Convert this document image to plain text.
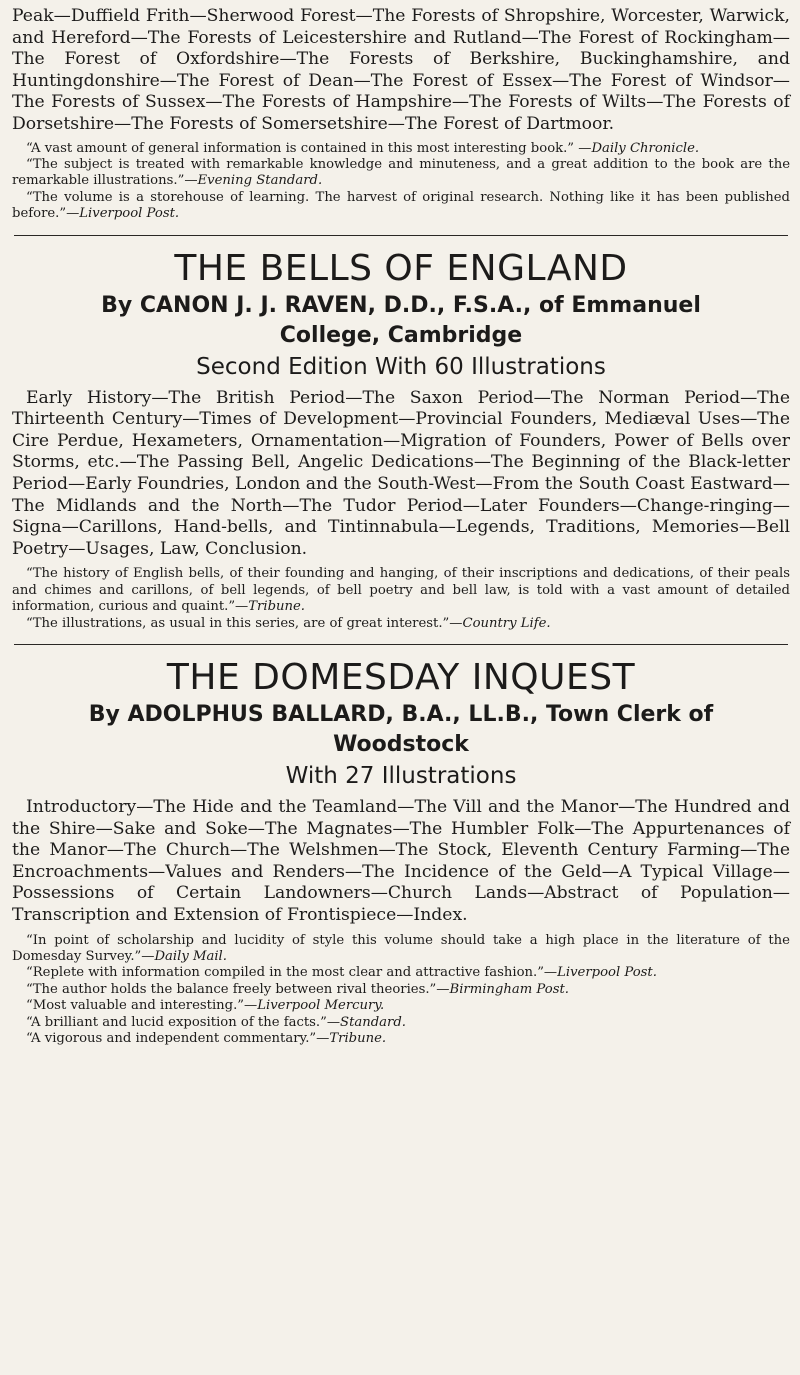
Peak—Duffield Frith—Sherwood Forest—The Forests of Shropshire, Worcester, Warwick, and Hereford—The Forests of Leicestershire and Rutland—The Forest of Rockingham—The Forest of Oxfordshire—The Forests of Berkshire, Buckinghamshire, and Huntingdonshire—The Forest of Dean—The Forest of Essex—The Forest of Windsor—The Forests of Sussex—The Forests of Hampshire—The Forests of Wilts—The Forests of Dorsetshire—The Forests of Somersetshire—The Forest of Dartmoor.

“A vast amount of general information is contained in this most interesting book.” —Daily Chronicle.

“The subject is treated with remarkable knowledge and minuteness, and a great addition to the book are the remarkable illustrations.”—Evening Standard.

“The volume is a storehouse of learning. The harvest of original research. Nothing like it has been published before.”—Liverpool Post.

THE BELLS OF ENGLAND
By CANON J. J. RAVEN, D.D., F.S.A., of Emmanuel
College, Cambridge
Second Edition With 60 Illustrations

Early History—The British Period—The Saxon Period—The Norman Period—The Thirteenth Century—Times of Development—Provincial Founders, Mediæval Uses—The Cire Perdue, Hexameters, Ornamentation—Migration of Founders, Power of Bells over Storms, etc.—The Passing Bell, Angelic Dedications—The Beginning of the Black-letter Period—Early Foundries, London and the South-West—From the South Coast Eastward—The Midlands and the North—The Tudor Period—Later Founders—Change-ringing—Signa—Carillons, Hand-bells, and Tintinnabula—Legends, Traditions, Memories—Bell Poetry—Usages, Law, Conclusion.

“The history of English bells, of their founding and hanging, of their inscriptions and dedications, of their peals and chimes and carillons, of bell legends, of bell poetry and bell law, is told with a vast amount of detailed information, curious and quaint.”—Tribune.

“The illustrations, as usual in this series, are of great interest.”—Country Life.

THE DOMESDAY INQUEST
By ADOLPHUS BALLARD, B.A., LL.B., Town Clerk of
Woodstock
With 27 Illustrations

Introductory—The Hide and the Teamland—The Vill and the Manor—The Hundred and the Shire—Sake and Soke—The Magnates—The Humbler Folk—The Appurtenances of the Manor—The Church—The Welshmen—The Stock, Eleventh Century Farming—The Encroachments—Values and Renders—The Incidence of the Geld—A Typical Village—Possessions of Certain Landowners—Church Lands—Abstract of Population—Transcription and Extension of Frontispiece—Index.

“In point of scholarship and lucidity of style this volume should take a high place in the literature of the Domesday Survey.”—Daily Mail.

“Replete with information compiled in the most clear and attractive fashion.”—Liverpool Post.

“The author holds the balance freely between rival theories.”—Birmingham Post.

“Most valuable and interesting.”—Liverpool Mercury.

“A brilliant and lucid exposition of the facts.”—Standard.

“A vigorous and independent commentary.”—Tribune.
